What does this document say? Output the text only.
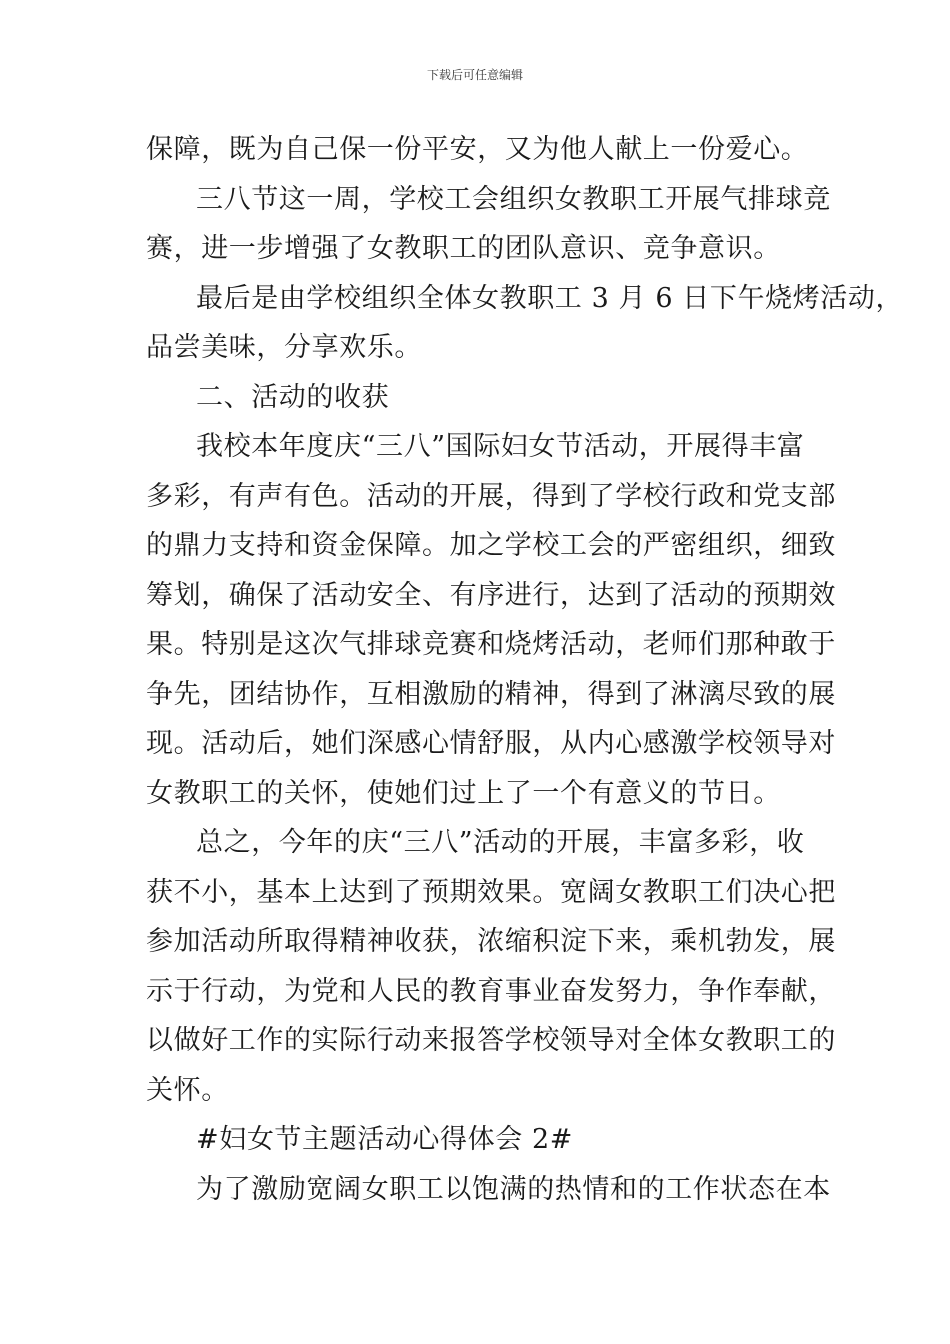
下载后可任意编辑
保障，既为自己保一份平安，又为他人献上一份爱心。
三八节这一周，学校工会组织女教职工开展气排球竞
赛，进一步增强了女教职工的团队意识、竞争意识。
最后是由学校组织全体女教职工 3 月 6 日下午烧烤活动，
品尝美味，分享欢乐。
二、活动的收获
我校本年度庆“三八”国际妇女节活动，开展得丰富
多彩，有声有色。活动的开展，得到了学校行政和党支部
的鼎力支持和资金保障。加之学校工会的严密组织，细致
筹划，确保了活动安全、有序进行，达到了活动的预期效
果。特别是这次气排球竞赛和烧烤活动，老师们那种敢于
争先，团结协作，互相激励的精神，得到了淋漓尽致的展
现。活动后，她们深感心情舒服，从内心感激学校领导对
女教职工的关怀，使她们过上了一个有意义的节日。
总之，今年的庆“三八”活动的开展，丰富多彩，收
获不小，基本上达到了预期效果。宽阔女教职工们决心把
参加活动所取得精神收获，浓缩积淀下来，乘机勃发，展
示于行动，为党和人民的教育事业奋发努力，争作奉献，
以做好工作的实际行动来报答学校领导对全体女教职工的
关怀。
#妇女节主题活动心得体会 2#
为了激励宽阔女职工以饱满的热情和的工作状态在本
